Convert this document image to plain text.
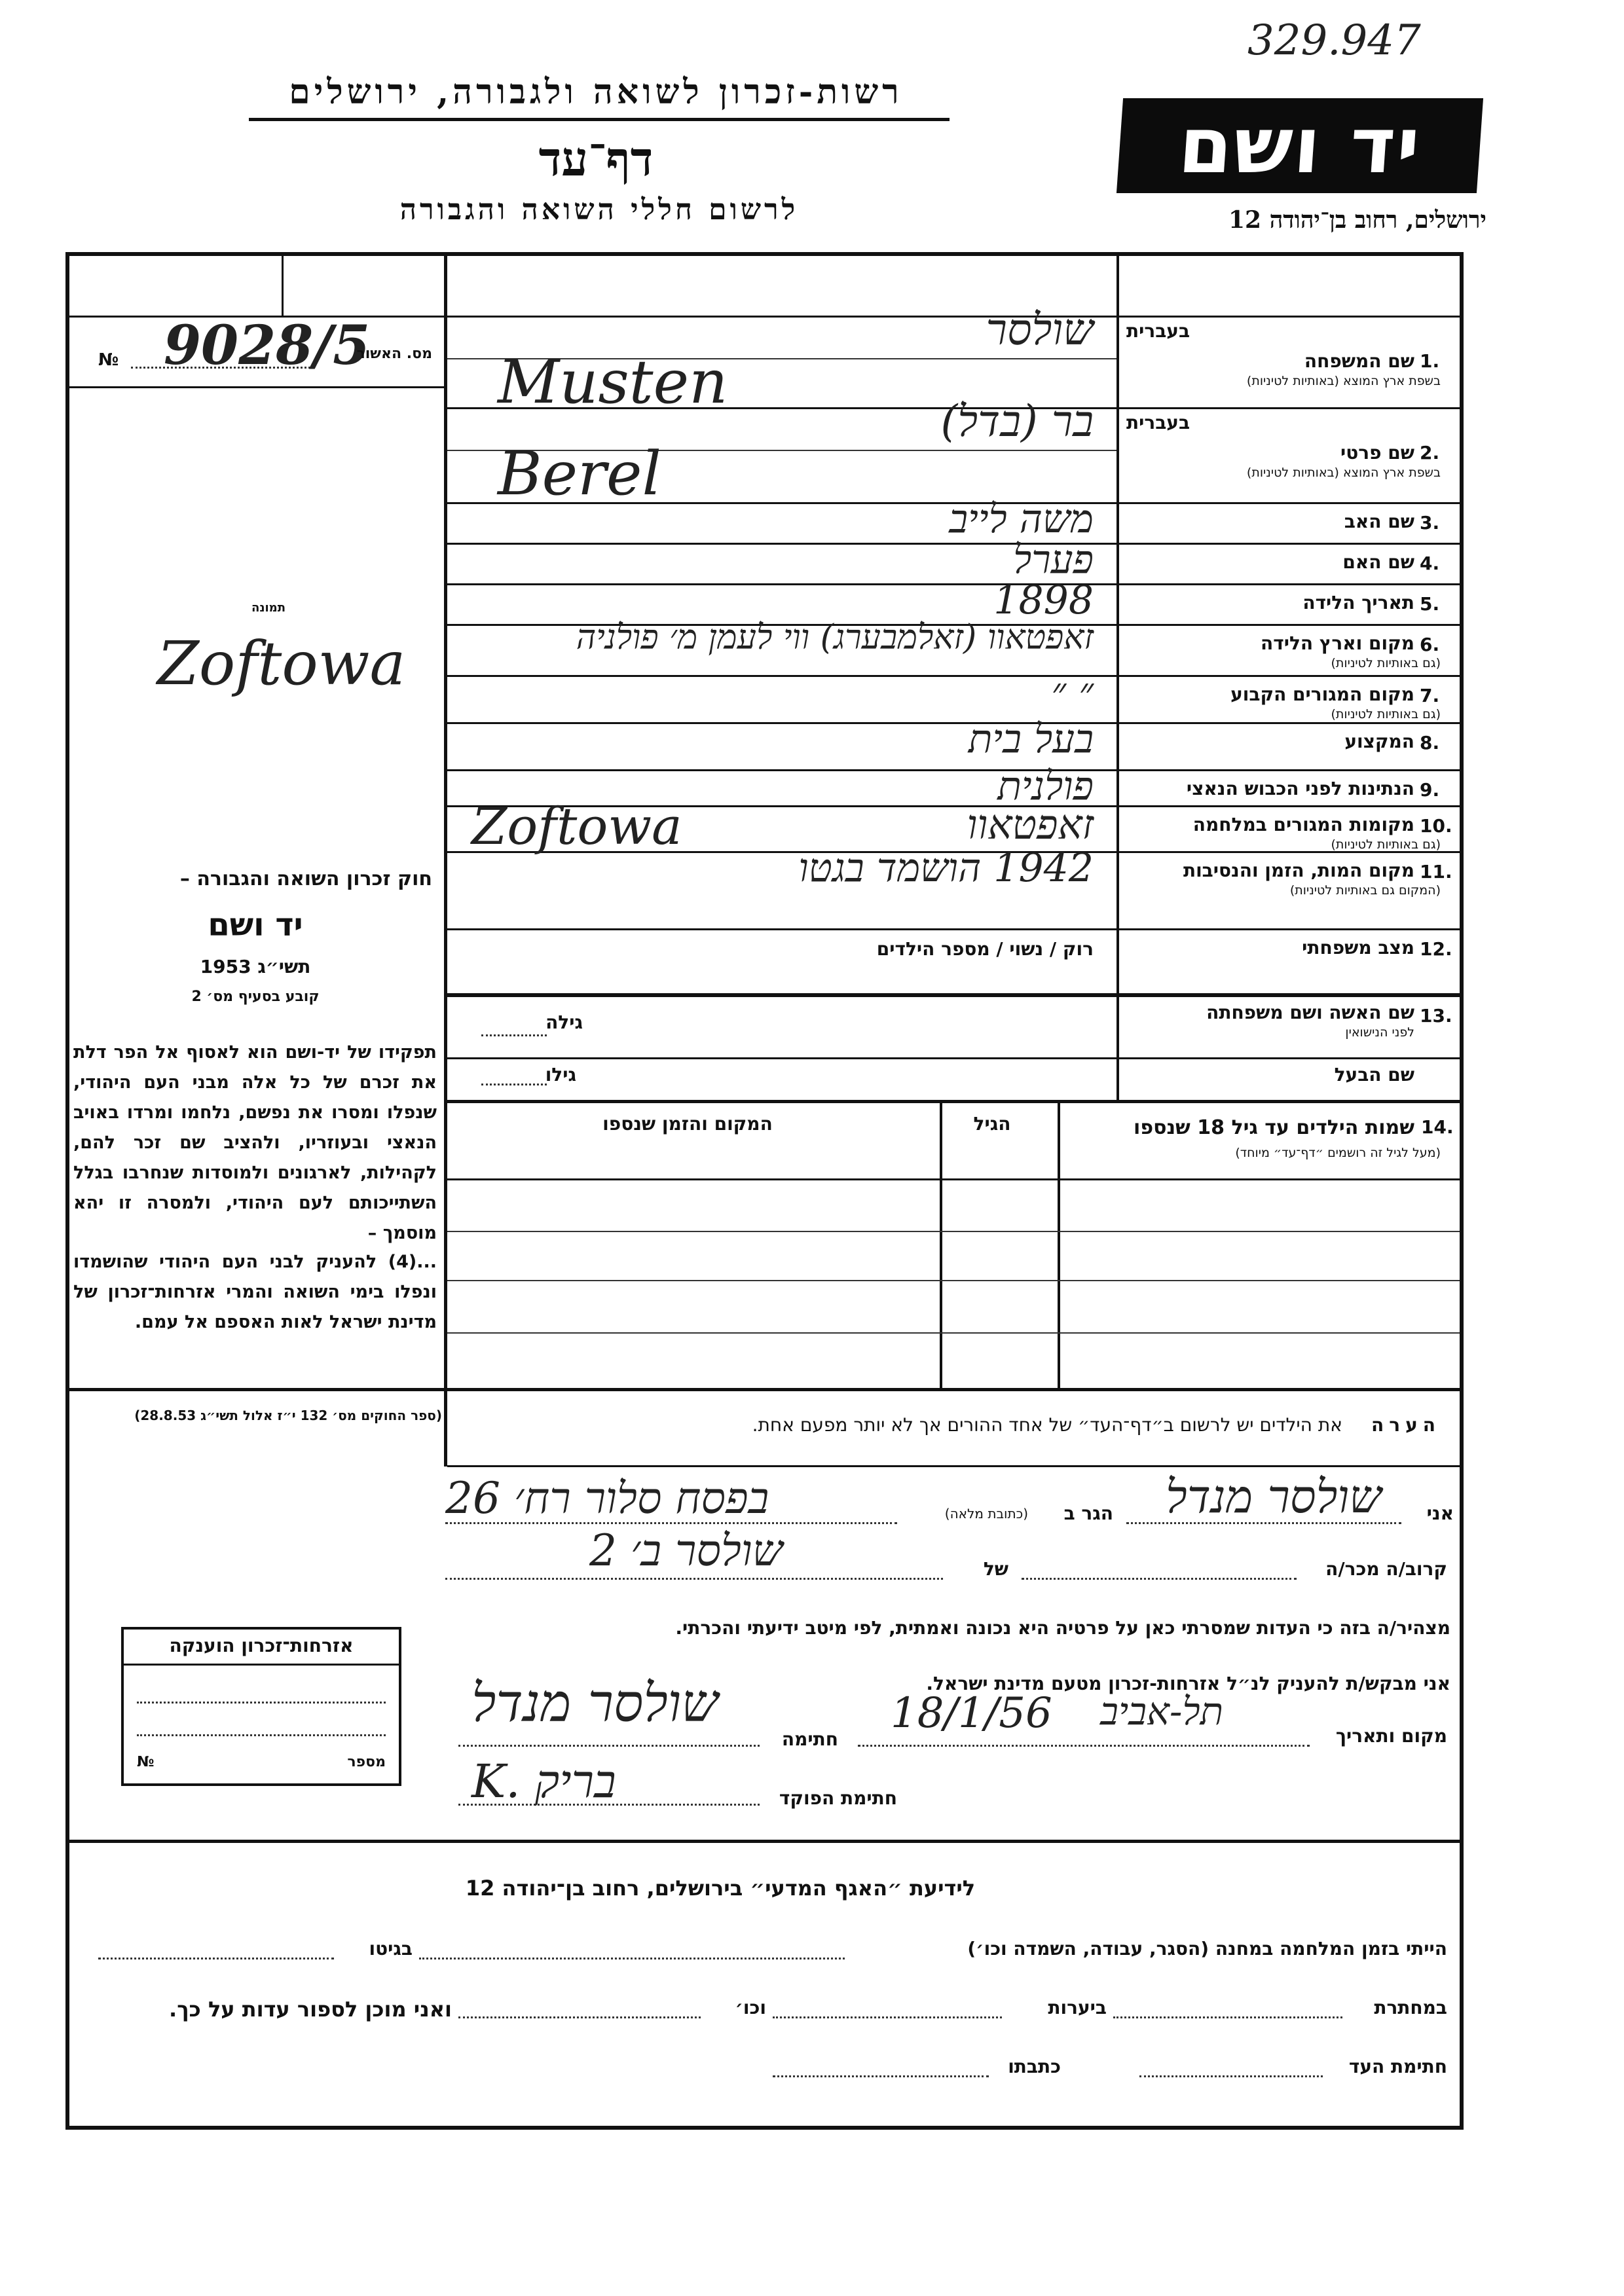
329.947
רשות-זכרון לשואה ולגבורה, ירושלים
דף־עד
לרשום חללי השואה והגבורה
יד ושם
ירושלים, רחוב בן־יהודה 12
№ 9028/5
מס. האשור
תמונה
Zoftowa
חוק זכרון השואה והגבורה –
יד ושם
תשי״ג 1953
קובע בסעיף מס׳ 2
תפקידו של יד-ושם הוא לאסוף אל הפר דלת את זכרם של כל אלה מבני העם היהודי, שנפלו ומסרו את נפשם, נלחמו ומרדו באויב הנאצי ובעוזריו, ולהציב שם זכר להם, לקהילות, לארגונים ולמוסדות שנחרבו בגלל השתייכותם לעם היהודי, ולמסרה זו יהא מוסמך –
...(4) להעניק לבני העם היהודי שהושמדו ונפלו בימי השואה והמרי אזרחות־זכרון של מדינת ישראל לאות האספם אל עמם.
(ספר החוקים מס׳ 132 י״ז אלול תשי״ג 28.8.53)
1.
שם המשפחה
בשפת ארץ המוצא (באותיות לטיניות)
בעברית
שולסר
Musten
2.
שם פרטי
בשפת ארץ המוצא (באותיות לטיניות)
בעברית
בר (בדל)
Berel
3.
שם האב
משה לייב
4.
שם האם
פערל
5.
תאריך הלידה
1898
6.
מקום וארץ הלידה
(גם באותיות לטיניות)
זאפטאוו (זאלמבערג) ווי לעמן מ׳ פולניה
7.
מקום המגורים הקבוע
(גם באותיות לטיניות)
״ ״
8.
המקצוע
בעל בית
9.
הנתינות לפני הכבוש הנאצי
פולנית
10.
מקומות המגורים במלחמה
(גם באותיות לטיניות)
Zoftowa	זאפטאוו
11.
מקום המות, הזמן והנסיבות
(המקום גם באותיות לטיניות)
1942 הושמד בגטו
12.
מצב משפחתי
רוק / נשוי / מספר הילדים
13.
שם האשה ושם משפחתה
לפני הנישואין
שם הבעל
גילה
גילו
14.
שמות הילדים עד גיל 18 שנספו
(מעל לגיל זה רושמים ״דף־עד״ מיוחד)
הגיל
המקום והזמן שנספו
הערה
את הילדים יש לרשום ב״דף־העד״ של אחד ההורים אך לא יותר מפעם אחת.
אני
שולסר מנדל
הגר ב
(כתובת מלאה)
בפסח סלור רח׳ 26
קרוב/ה מכר/ה
של
שולסר ב׳ 2
מצהיר/ה בזה כי העדות שמסרתי כאן על פרטיה היא נכונה ואמתית, לפי מיטב ידיעתי והכרתי.
אני מבקש/ת להעניק לנ״ל אזרחות-זכרון מטעם מדינת ישראל.
מקום ותאריך
תל-אביב
18/1/56
חתימה
שולסר מנדל
חתימת הפוקד
K. בריק
אזרחות־זכרון הוענקה
№	מספר
לידיעת ״האגף המדעי״ בירושלים, רחוב בן־יהודה 12
הייתי בזמן המלחמה במחנה (הסגר, עבודה, השמדה וכו׳)
בגיטו
במחתרת
ביערות
וכו׳
ואני מוכן לספור עדות על כך.
חתימת העד
כתבתו
